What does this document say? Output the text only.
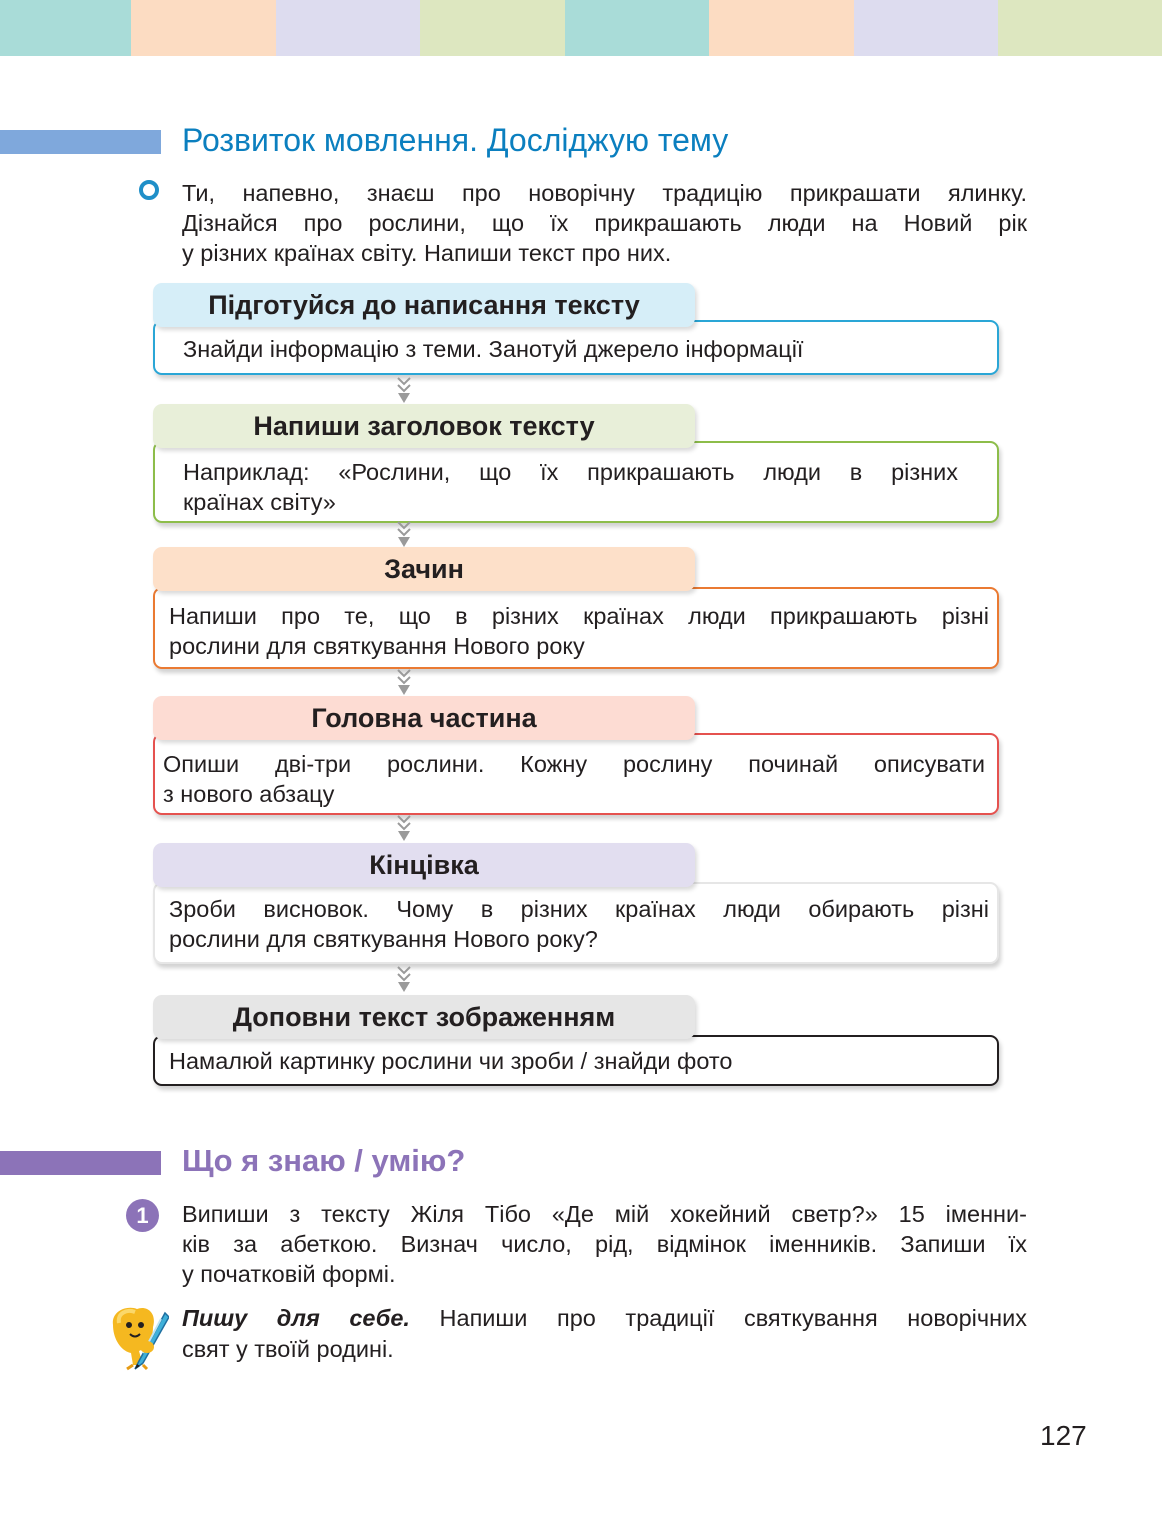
Розвиток мовлення. Досліджую тему
Ти, напевно, знаєш про новорічну традицію прикрашати ялинку.
Дізнайся про рослини, що їх прикрашають люди на Новий рік
у різних країнах світу. Напиши текст про них.
Знайди інформацію з теми. Занотуй джерело інформації
Підготуйся до написання тексту
Наприклад: «Рослини, що їх прикрашають люди в різних
країнах світу»
Напиши заголовок тексту
Напиши про те, що в різних країнах люди прикрашають різні
рослини для святкування Нового року
Зачин
Опиши дві-три рослини. Кожну рослину починай описувати
з нового абзацу
Головна частина
Зроби висновок. Чому в різних країнах люди обирають різні
рослини для святкування Нового року?
Кінцівка
Намалюй картинку рослини чи зроби / знайди фото
Доповни текст зображенням
Що я знаю / умію?
1	Випиши з тексту Жіля Тібо «Де мій хокейний светр?» 15 іменни-
ків за абеткою. Визнач число, рід, відмінок іменників. Запиши їх
у початковій формі.
Пишу для себе. Напиши про традиції святкування новорічних
свят у твоїй родині.
127
